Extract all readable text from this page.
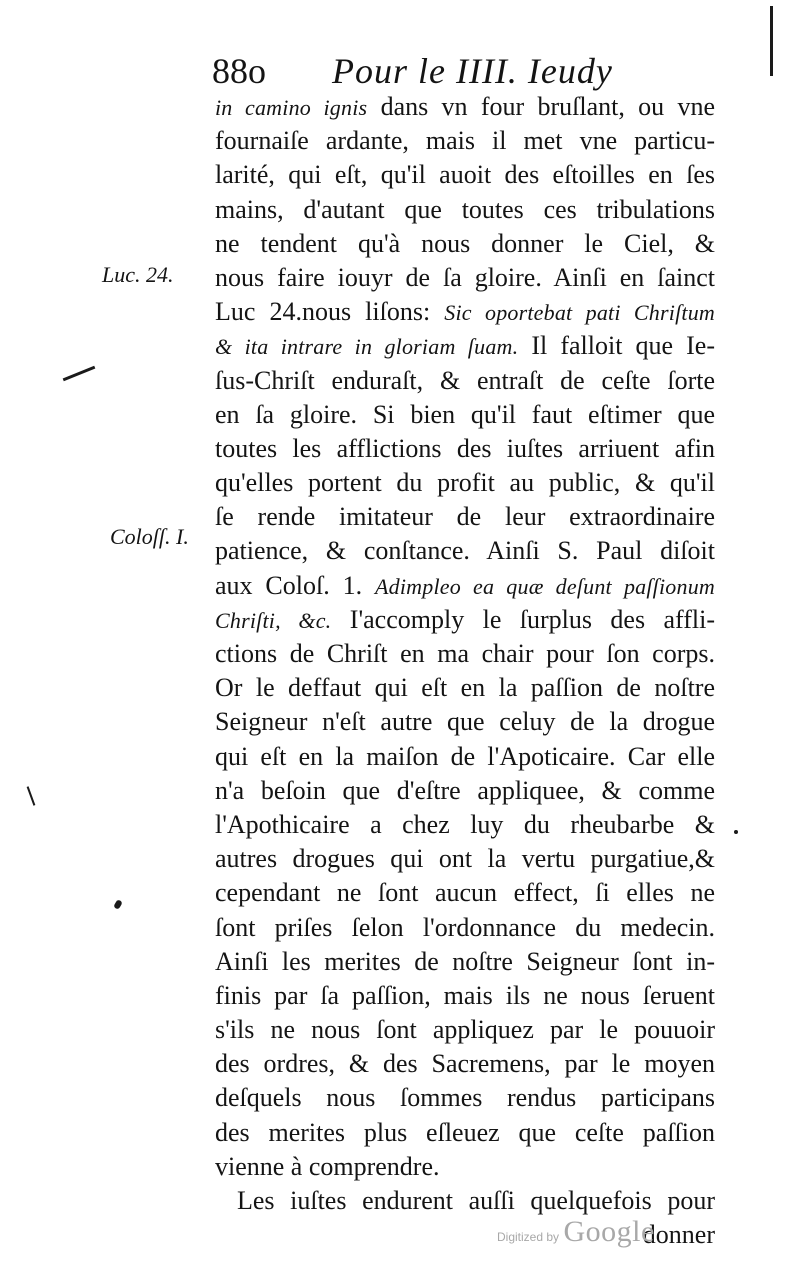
88o Pour le IIII. Ieudy
Luc. 24.
Coloſſ. I.
in camino ignis dans vn four bruſlant, ou vne
fournaiſe ardante, mais il met vne particu-
larité, qui eſt, qu'il auoit des eſtoilles en ſes
mains, d'autant que toutes ces tribulations
ne tendent qu'à nous donner le Ciel, &
nous faire iouyr de ſa gloire. Ainſi en ſainct
Luc 24.nous liſons: Sic oportebat pati Chriſtum
& ita intrare in gloriam ſuam. Il falloit que Ie-
ſus-Chriſt enduraſt, & entraſt de ceſte ſorte
en ſa gloire. Si bien qu'il faut eſtimer que
toutes les afflictions des iuſtes arriuent afin
qu'elles portent du profit au public, & qu'il
ſe rende imitateur de leur extraordinaire
patience, & conſtance. Ainſi S. Paul diſoit
aux Coloſ. 1. Adimpleo ea quæ deſunt paſſionum
Chriſti, &c. I'accomply le ſurplus des affli-
ctions de Chriſt en ma chair pour ſon corps.
Or le deffaut qui eſt en la paſſion de noſtre
Seigneur n'eſt autre que celuy de la drogue
qui eſt en la maiſon de l'Apoticaire. Car elle
n'a beſoin que d'eſtre appliquee, & comme
l'Apothicaire a chez luy du rheubarbe &
autres drogues qui ont la vertu purgatiue,&
cependant ne ſont aucun effect, ſi elles ne
ſont priſes ſelon l'ordonnance du medecin.
Ainſi les merites de noſtre Seigneur ſont in-
finis par ſa paſſion, mais ils ne nous ſeruent
s'ils ne nous ſont appliquez par le pouuoir
des ordres, & des Sacremens, par le moyen
deſquels nous ſommes rendus participans
des merites plus eſleuez que ceſte paſſion
vienne à comprendre.
Les iuſtes endurent auſſi quelquefois pour
donner
Digitized by Google
